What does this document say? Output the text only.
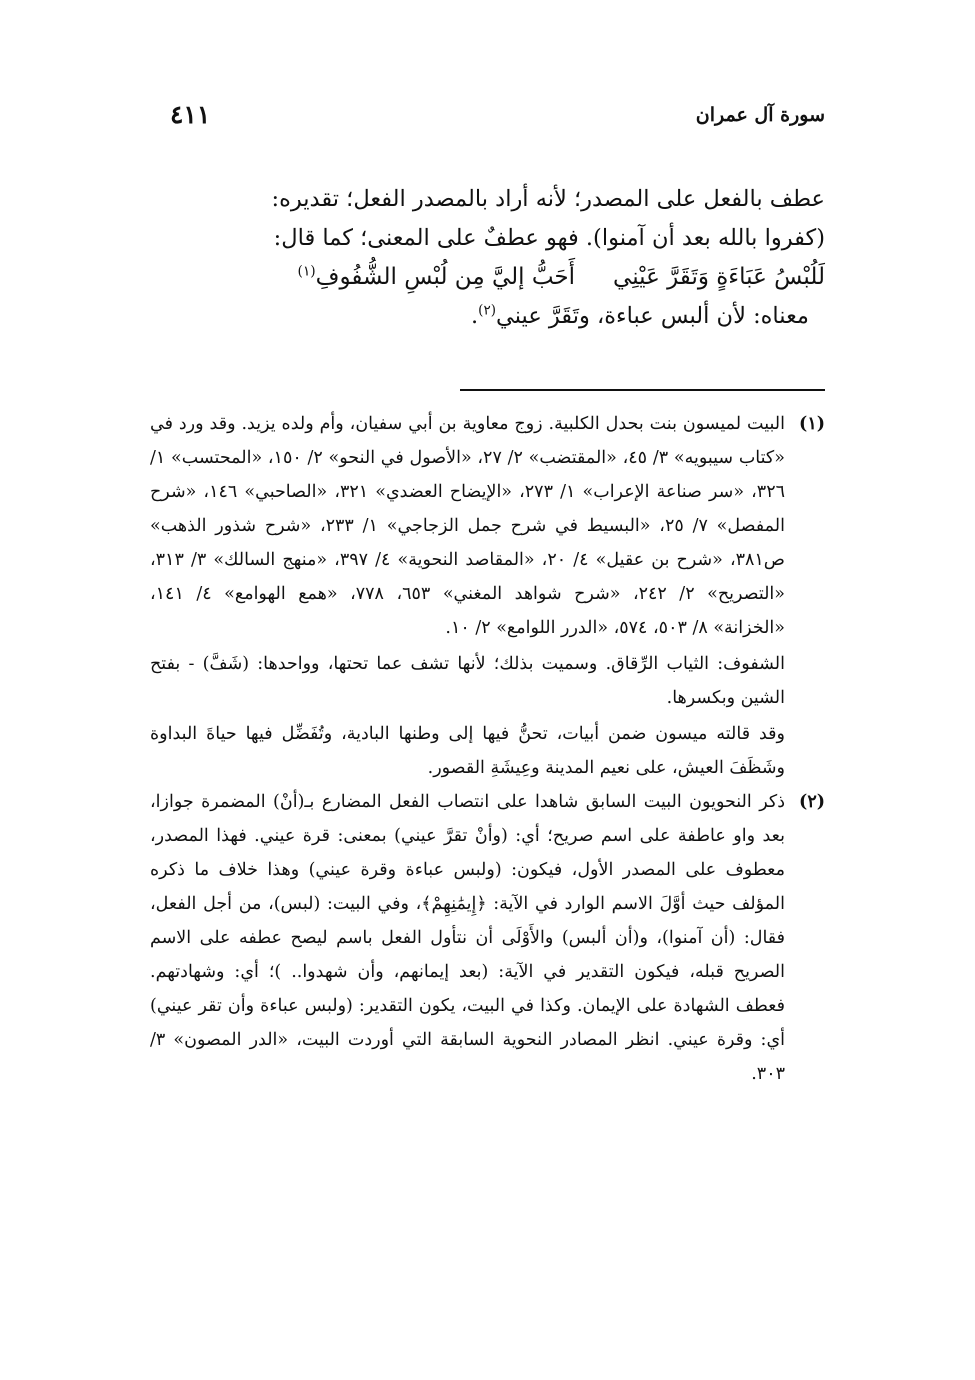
سورة آل عمران
٤١١

عطف بالفعل على المصدر؛ لأنه أراد بالمصدر الفعل؛ تقديره:

(كفروا بالله بعد أن آمنوا). فهو عطفٌ على المعنى؛ كما قال:

لَلُبْسُ عَبَاءَةٍ وَتَقَرَّ عَيْنِيأَحَبُّ إليَّ مِن لُبْسِ الشُّفُوفِ$^{(١)}$

معناه: لأن ألبس عباءة، وتَقَرَّ عيني$^{(٢)}$.

(١)

البيت لميسون بنت بحدل الكلبية. زوج معاوية بن أبي سفيان، وأم ولده يزيد. وقد ورد في «كتاب سيبويه» ٣/ ٤٥، «المقتضب» ٢/ ٢٧، «الأصول في النحو» ٢/ ١٥٠، «المحتسب» ١/ ٣٢٦، «سر صناعة الإعراب» ١/ ٢٧٣، «الإيضاح العضدي» ٣٢١، «الصاحبي» ١٤٦، «شرح المفصل» ٧/ ٢٥، «البسيط في شرح جمل الزجاجي» ١/ ٢٣٣، «شرح شذور الذهب» ص٣٨١، «شرح بن عقيل» ٤/ ٢٠، «المقاصد النحوية» ٤/ ٣٩٧، «منهج السالك» ٣/ ٣١٣، «التصريح» ٢/ ٢٤٢، «شرح شواهد المغني» ٦٥٣، ٧٧٨، «همع الهوامع» ٤/ ١٤١، «الخزانة» ٨/ ٥٠٣، ٥٧٤، «الدرر اللوامع» ٢/ ١٠.

الشفوف: الثياب الرِّقاق. وسميت بذلك؛ لأنها تشف عما تحتها، وواحدها: (شَفَّ) - بفتح الشين وبكسرها.

وقد قالته ميسون ضمن أبيات، تحنُّ فيها إلى وطنها البادية، وتُفَضِّل فيها حياةَ البداوة وشَظَفَ العيش، على نعيم المدينة وعِيشَةِ القصور.

(٢)

ذكر النحويون البيت السابق شاهدا على انتصاب الفعل المضارع بـ(أنْ) المضمرة جوازا، بعد واو عاطفة على اسم صريح؛ أي: (وأنْ تقرَّ عيني) بمعنى: قرة عيني. فهذا المصدر، معطوف على المصدر الأول، فيكون: (ولبس عباءة وقرة عيني) وهذا خلاف ما ذكره المؤلف حيث أوَّلَ الاسم الوارد في الآية: ﴿إِيمَٰنِهِمْ﴾، وفي البيت: (لبس)، من أجل الفعل، فقال: (أن آمنوا)، و(أن ألبس) والأَوْلَى أن نتأول الفعل باسم ليصح عطفه على الاسم الصريح قبله، فيكون التقدير في الآية: (بعد إيمانهم، وأن شهدوا.. )؛ أي: وشهادتهم. فعطف الشهادة على الإيمان. وكذا في البيت، يكون التقدير: (ولبس عباءة وأن تقر عيني) أي: وقرة عيني. انظر المصادر النحوية السابقة التي أوردت البيت، «الدر المصون» ٣/ ٣٠٣.
